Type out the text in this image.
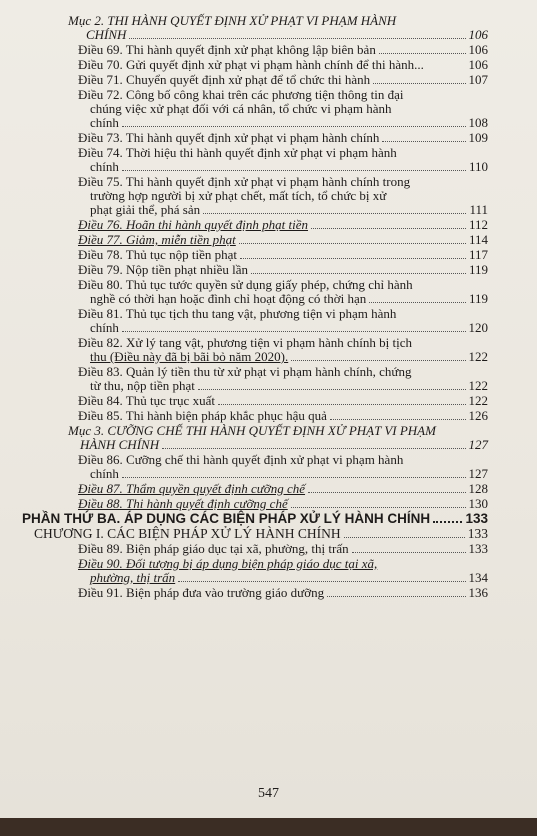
Mục 2. THI HÀNH QUYẾT ĐỊNH XỬ PHẠT VI PHẠM HÀNH
CHÍNH	106
Điều 69. Thi hành quyết định xử phạt không lập biên bản	106
Điều 70. Gửi quyết định xử phạt vi phạm hành chính để thi hành...	106
Điều 71. Chuyển quyết định xử phạt để tổ chức thi hành	107
Điều 72. Công bố công khai trên các phương tiện thông tin đại
chúng việc xử phạt đối với cá nhân, tổ chức vi phạm hành
chính	108
Điều 73. Thi hành quyết định xử phạt vi phạm hành chính	109
Điều 74. Thời hiệu thi hành quyết định xử phạt vi phạm hành
chính	110
Điều 75. Thi hành quyết định xử phạt vi phạm hành chính trong
trường hợp người bị xử phạt chết, mất tích, tổ chức bị xử
phạt giải thể, phá sản	111
Điều 76. Hoãn thi hành quyết định phạt tiền	112
Điều 77. Giảm, miễn tiền phạt	114
Điều 78. Thủ tục nộp tiền phạt	117
Điều 79. Nộp tiền phạt nhiều lần	119
Điều 80. Thủ tục tước quyền sử dụng giấy phép, chứng chỉ hành
nghề có thời hạn hoặc đình chỉ hoạt động có thời hạn	119
Điều 81. Thủ tục tịch thu tang vật, phương tiện vi phạm hành
chính	120
Điều 82. Xử lý tang vật, phương tiện vi phạm hành chính bị tịch
thu (Điều này đã bị bãi bỏ năm 2020).	122
Điều 83. Quản lý tiền thu từ xử phạt vi phạm hành chính, chứng
từ thu, nộp tiền phạt	122
Điều 84. Thủ tục trục xuất	122
Điều 85. Thi hành biện pháp khắc phục hậu quả	126
Mục 3. CƯỠNG CHẾ THI HÀNH QUYẾT ĐỊNH XỬ PHẠT VI PHẠM
HÀNH CHÍNH	127
Điều 86. Cưỡng chế thi hành quyết định xử phạt vi phạm hành
chính	127
Điều 87. Thẩm quyền quyết định cưỡng chế	128
Điều 88. Thi hành quyết định cưỡng chế	130
PHẦN THỨ BA. ÁP DỤNG CÁC BIỆN PHÁP XỬ LÝ HÀNH CHÍNH	133
CHƯƠNG I. CÁC BIỆN PHÁP XỬ LÝ HÀNH CHÍNH	133
Điều 89. Biện pháp giáo dục tại xã, phường, thị trấn	133
Điều 90. Đối tượng bị áp dụng biện pháp giáo dục tại xã,
phường, thị trấn	134
Điều 91. Biện pháp đưa vào trường giáo dưỡng	136
547
